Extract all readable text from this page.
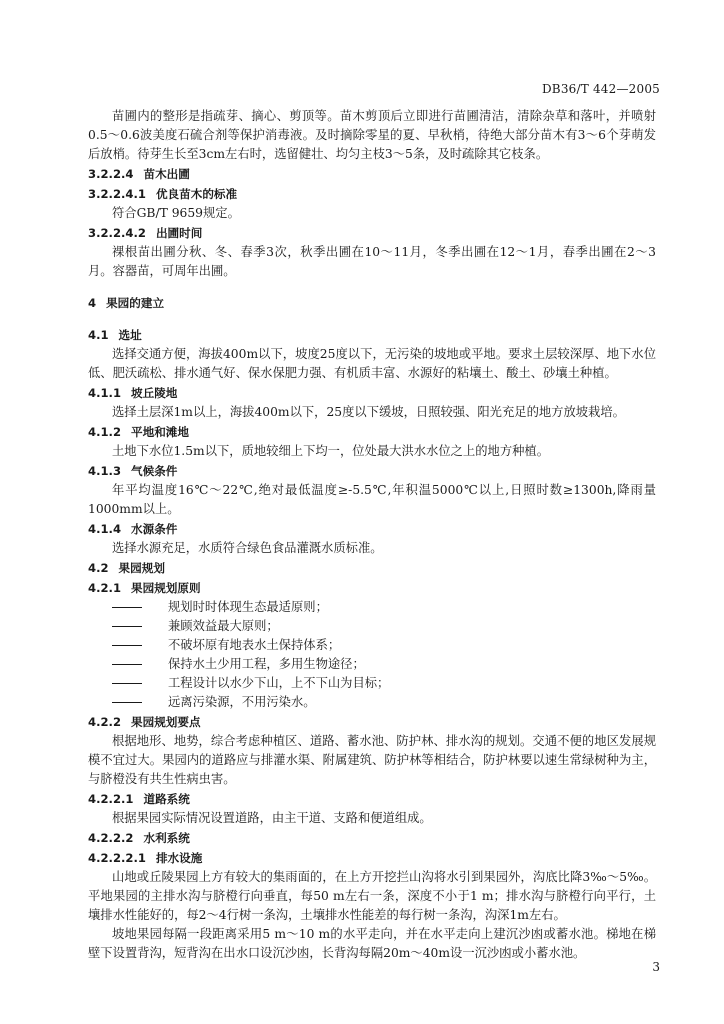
DB36/T 442—2005

苗圃内的整形是指疏芽、摘心、剪顶等。苗木剪顶后立即进行苗圃清洁，清除杂草和落叶，并喷射0.5～0.6波美度石硫合剂等保护消毒液。及时摘除零星的夏、早秋梢，待绝大部分苗木有3～6个芽萌发后放梢。待芽生长至3cm左右时，选留健壮、均匀主枝3～5条，及时疏除其它枝条。

3.2.2.4 苗木出圃
3.2.2.4.1 优良苗木的标准

符合GB/T 9659规定。

3.2.2.4.2 出圃时间

裸根苗出圃分秋、冬、春季3次，秋季出圃在10～11月，冬季出圃在12～1月，春季出圃在2～3月。容器苗，可周年出圃。

4 果园的建立
4.1 选址

选择交通方便，海拔400m以下，坡度25度以下，无污染的坡地或平地。要求土层较深厚、地下水位低、肥沃疏松、排水通气好、保水保肥力强、有机质丰富、水源好的粘壤土、酸土、砂壤土种植。

4.1.1 坡丘陵地

选择土层深1m以上，海拔400m以下，25度以下缓坡，日照较强、阳光充足的地方放坡栽培。

4.1.2 平地和滩地

土地下水位1.5m以下，质地较细上下均一，位处最大洪水水位之上的地方种植。

4.1.3 气候条件

年平均温度16℃～22℃,绝对最低温度≥-5.5℃,年积温5000℃以上,日照时数≥1300h,降雨量1000mm以上。

4.1.4 水源条件

选择水源充足，水质符合绿色食品灌溉水质标准。

4.2 果园规划
4.2.1 果园规划原则
规划时时体现生态最适原则；
兼顾效益最大原则；
不破坏原有地表水土保持体系；
保持水土少用工程，多用生物途径；
工程设计以水少下山，上不下山为目标；
远离污染源，不用污染水。
4.2.2 果园规划要点

根据地形、地势，综合考虑种植区、道路、蓄水池、防护林、排水沟的规划。交通不便的地区发展规模不宜过大。果园内的道路应与排灌水渠、附属建筑、防护林等相结合，防护林要以速生常绿树种为主，与脐橙没有共生性病虫害。

4.2.2.1 道路系统

根据果园实际情况设置道路，由主干道、支路和便道组成。

4.2.2.2 水利系统
4.2.2.2.1 排水设施

山地或丘陵果园上方有较大的集雨面的，在上方开挖拦山沟将水引到果园外，沟底比降3‰～5‰。平地果园的主排水沟与脐橙行向垂直，每50 m左右一条，深度不小于1 m；排水沟与脐橙行向平行，土壤排水性能好的，每2～4行树一条沟，土壤排水性能差的每行树一条沟，沟深1m左右。

坡地果园每隔一段距离采用5 m～10 m的水平走向，并在水平走向上建沉沙凼或蓄水池。梯地在梯壁下设置背沟，短背沟在出水口设沉沙凼，长背沟每隔20m～40m设一沉沙凼或小蓄水池。

3
